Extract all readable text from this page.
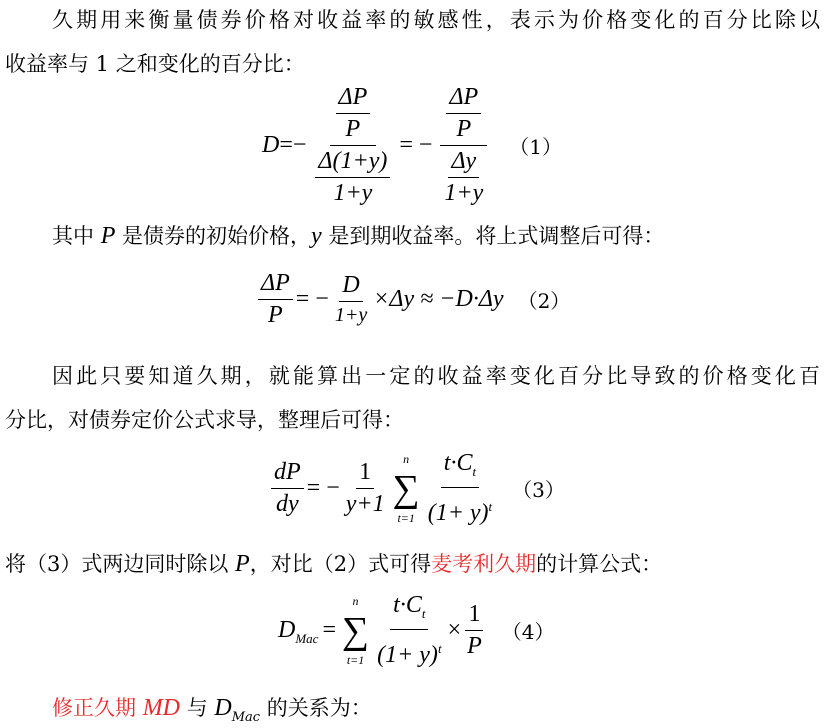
久期用来衡量债券价格对收益率的敏感性，表示为价格变化的百分比除以
收益率与 1 之和变化的百分比：
$D =- \frac{\frac{\Delta P}{P}}{\frac{\Delta(1+y)}{1+y}}$ = − $\frac{\frac{\Delta P}{P}}{\frac{\Delta y}{1+y}} (1)$
其中 P 是债券的初始价格，y 是到期收益率。将上式调整后可得：
$\frac{\Delta P}{P}$ = − $\frac{D}{1+y} \times\Delta y \approx -D\cdot\Delta y$ （2）
因此只要知道久期，就能算出一定的收益率变化百分比导致的价格变化百
分比，对债券定价公式求导，整理后可得：
$\frac{dP}{dy}$ = − $\frac{1}{y+1}$
n
∑
$t=1 \frac{t\cdot Ct}{(1+ y)t} (3)$
将（3）式两边同时除以 P，对比（2）式可得麦考利久期的计算公式：
DMac =
n
∑
$t=1 \frac{t\cdot Ct}{(1+ y)t} \times \frac{1}{P} (4)$
修正久期 MD 与 DMac 的关系为：
